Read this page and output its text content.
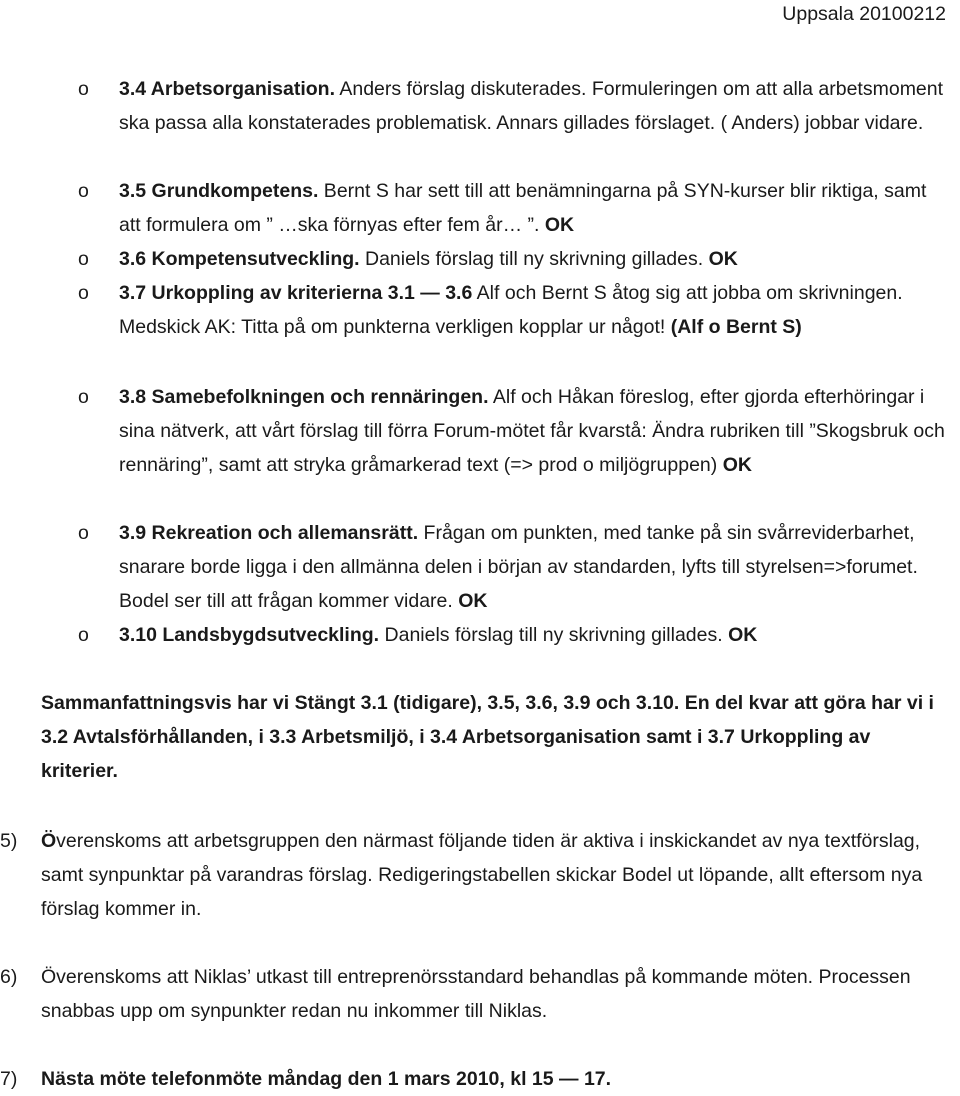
Uppsala 20100212
o 3.4 Arbetsorganisation. Anders förslag diskuterades. Formuleringen om att alla arbetsmoment ska passa alla konstaterades problematisk. Annars gillades förslaget. ( Anders) jobbar vidare.
o 3.5 Grundkompetens. Bernt S har sett till att benämningarna på SYN-kurser blir riktiga, samt att formulera om ” …ska förnyas efter fem år… ”. OK
o 3.6 Kompetensutveckling. Daniels förslag till ny skrivning gillades. OK
o 3.7 Urkoppling av kriterierna 3.1 — 3.6 Alf och Bernt S åtog sig att jobba om skrivningen. Medskick AK: Titta på om punkterna verkligen kopplar ur något! (Alf o Bernt S)
o 3.8 Samebefolkningen och rennäringen. Alf och Håkan föreslog, efter gjorda efterhöringar i sina nätverk, att vårt förslag till förra Forum-mötet får kvarstå: Ändra rubriken till ”Skogsbruk och rennäring”, samt att stryka gråmarkerad text (=> prod o miljögruppen) OK
o 3.9 Rekreation och allemansrätt. Frågan om punkten, med tanke på sin svårreviderbarhet, snarare borde ligga i den allmänna delen i början av standarden, lyfts till styrelsen=>forumet. Bodel ser till att frågan kommer vidare. OK
o 3.10 Landsbygdsutveckling. Daniels förslag till ny skrivning gillades. OK
Sammanfattningsvis har vi Stängt 3.1 (tidigare), 3.5, 3.6, 3.9 och 3.10. En del kvar att göra har vi i 3.2 Avtalsförhållanden, i 3.3 Arbetsmiljö, i 3.4 Arbetsorganisation samt i 3.7 Urkoppling av kriterier.
5) Överenskoms att arbetsgruppen den närmast följande tiden är aktiva i inskickandet av nya textförslag, samt synpunktar på varandras förslag. Redigeringstabellen skickar Bodel ut löpande, allt eftersom nya förslag kommer in.
6) Överenskoms att Niklas’ utkast till entreprenörsstandard behandlas på kommande möten. Processen snabbas upp om synpunkter redan nu inkommer till Niklas.
7) Nästa möte telefonmöte måndag den 1 mars 2010, kl 15 — 17.
